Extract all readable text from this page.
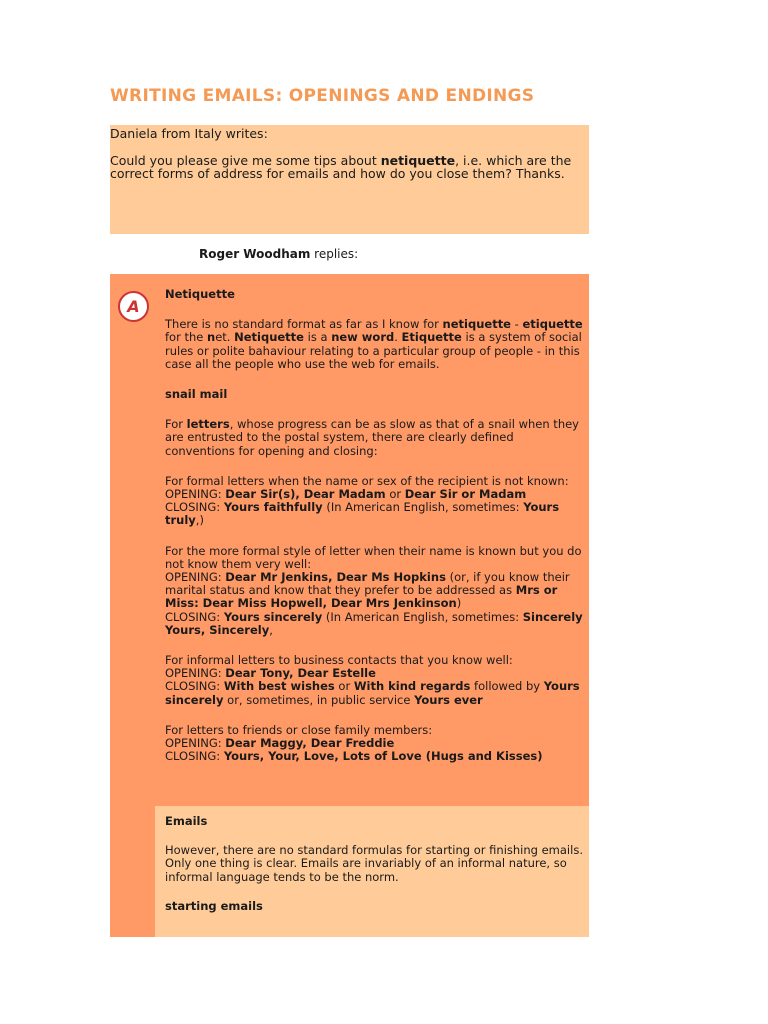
WRITING EMAILS: OPENINGS AND ENDINGS

Daniela from Italy writes:

Could you please give me some tips about netiquette, i.e. which are the correct forms of address for emails and how do you close them? Thanks.

Roger Woodham replies:
A

Netiquette

There is no standard format as far as I know for netiquette - etiquette for the net. Netiquette is a new word. Etiquette is a system of social rules or polite bahaviour relating to a particular group of people - in this case all the people who use the web for emails.

snail mail

For letters, whose progress can be as slow as that of a snail when they are entrusted to the postal system, there are clearly defined conventions for opening and closing:

For formal letters when the name or sex of the recipient is not known:
OPENING: Dear Sir(s), Dear Madam or Dear Sir or Madam
CLOSING: Yours faithfully (In American English, sometimes: Yours truly,)

For the more formal style of letter when their name is known but you do not know them very well:
OPENING: Dear Mr Jenkins, Dear Ms Hopkins (or, if you know their marital status and know that they prefer to be addressed as Mrs or Miss: Dear Miss Hopwell, Dear Mrs Jenkinson)
CLOSING: Yours sincerely (In American English, sometimes: Sincerely Yours, Sincerely,

For informal letters to business contacts that you know well:
OPENING: Dear Tony, Dear Estelle
CLOSING: With best wishes or With kind regards followed by Yours sincerely or, sometimes, in public service Yours ever

For letters to friends or close family members:
OPENING: Dear Maggy, Dear Freddie
CLOSING: Yours, Your, Love, Lots of Love (Hugs and Kisses)

Emails

However, there are no standard formulas for starting or finishing emails. Only one thing is clear. Emails are invariably of an informal nature, so informal language tends to be the norm.

starting emails
